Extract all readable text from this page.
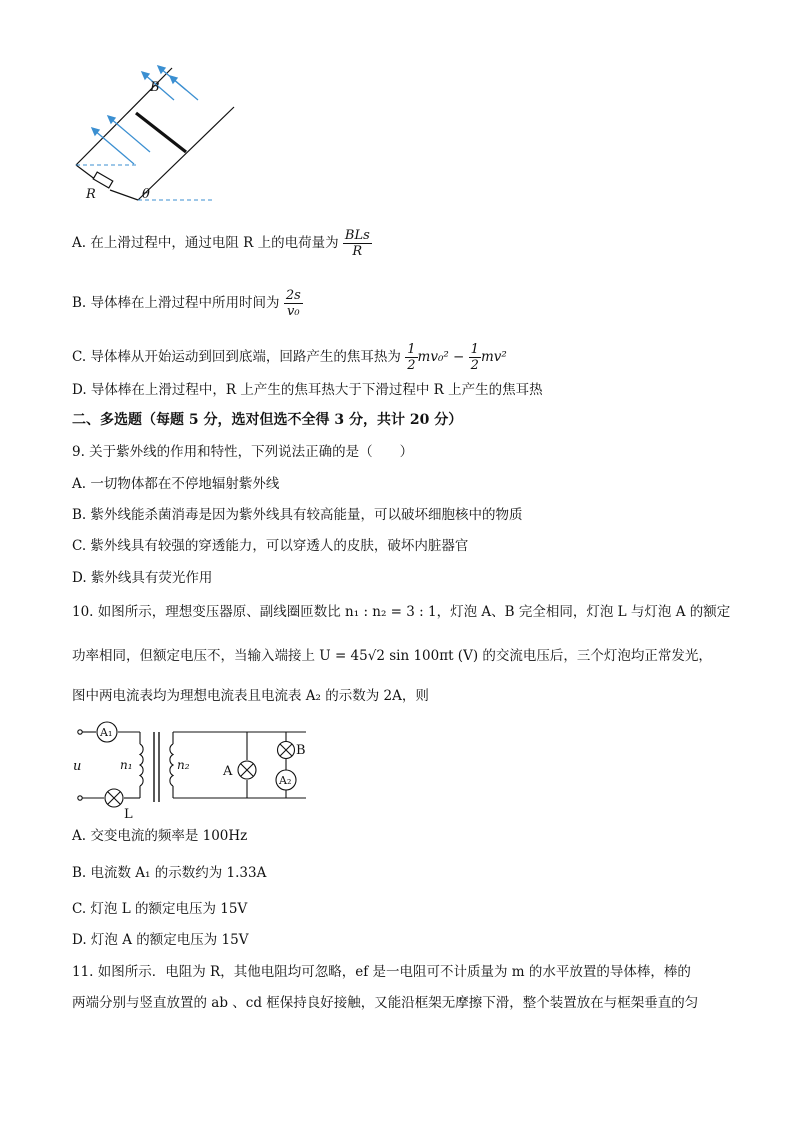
B
R	θ
A. 在上滑过程中，通过电阻 R 上的电荷量为 $\frac{\text{BLs}}{R}$
B. 导体棒在上滑过程中所用时间为 $\frac{2s}{\text{v₀}}$
C. 导体棒从开始运动到回到底端，回路产生的焦耳热为 $\frac{1}{2} mv_0^2 - \frac{1}{2} mv^2$
D. 导体棒在上滑过程中，R 上产生的焦耳热大于下滑过程中 R 上产生的焦耳热
二、多选题（每题 5 分，选对但选不全得 3 分，共计 20 分）
9. 关于紫外线的作用和特性，下列说法正确的是（　　）
A. 一切物体都在不停地辐射紫外线
B. 紫外线能杀菌消毒是因为紫外线具有较高能量，可以破坏细胞核中的物质
C. 紫外线具有较强的穿透能力，可以穿透人的皮肤，破坏内脏器官
D. 紫外线具有荧光作用
10. 如图所示，理想变压器原、副线圈匝数比 n₁ : n₂ = 3 : 1，灯泡 A、B 完全相同，灯泡 L 与灯泡 A 的额定
功率相同，但额定电压不，当输入端接上 U = 45√2 sin 100πt (V) 的交流电压后，三个灯泡均正常发光，
图中两电流表均为理想电流表且电流表 A₂ 的示数为 2A，则
A₁
A₂
u	n₁	n₂	A
B
L
A. 交变电流的频率是 100Hz
B. 电流数 A₁ 的示数约为 1.33A
C. 灯泡 L 的额定电压为 15V
D. 灯泡 A 的额定电压为 15V
11. 如图所示．电阻为 R，其他电阻均可忽略，ef 是一电阻可不计质量为 m 的水平放置的导体棒，棒的
两端分别与竖直放置的 ab 、cd 框保持良好接触，又能沿框架无摩擦下滑，整个装置放在与框架垂直的匀
